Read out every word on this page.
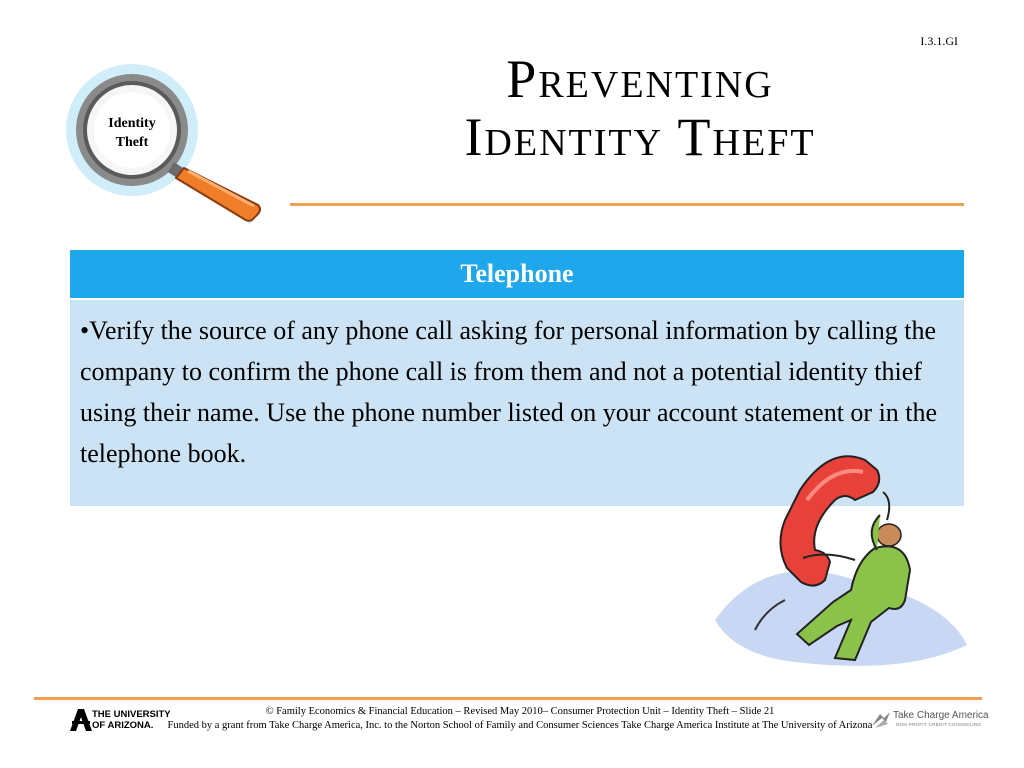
I.3.1.GI
Preventing
Identity Theft
Identity
Theft
Telephone

•Verify the source of any phone call asking for personal information by calling the company to confirm the phone call is from them and not a potential identity thief using their name. Use the phone number listed on your account statement or in the telephone book.

THE UNIVERSITY
OF ARIZONA.
© Family Economics & Financial Education – Revised May 2010– Consumer Protection Unit – Identity Theft – Slide 21
Funded by a grant from Take Charge America, Inc. to the Norton School of Family and Consumer Sciences Take Charge America Institute at The University of Arizona
Take Charge America
NON-PROFIT CREDIT COUNSELING
